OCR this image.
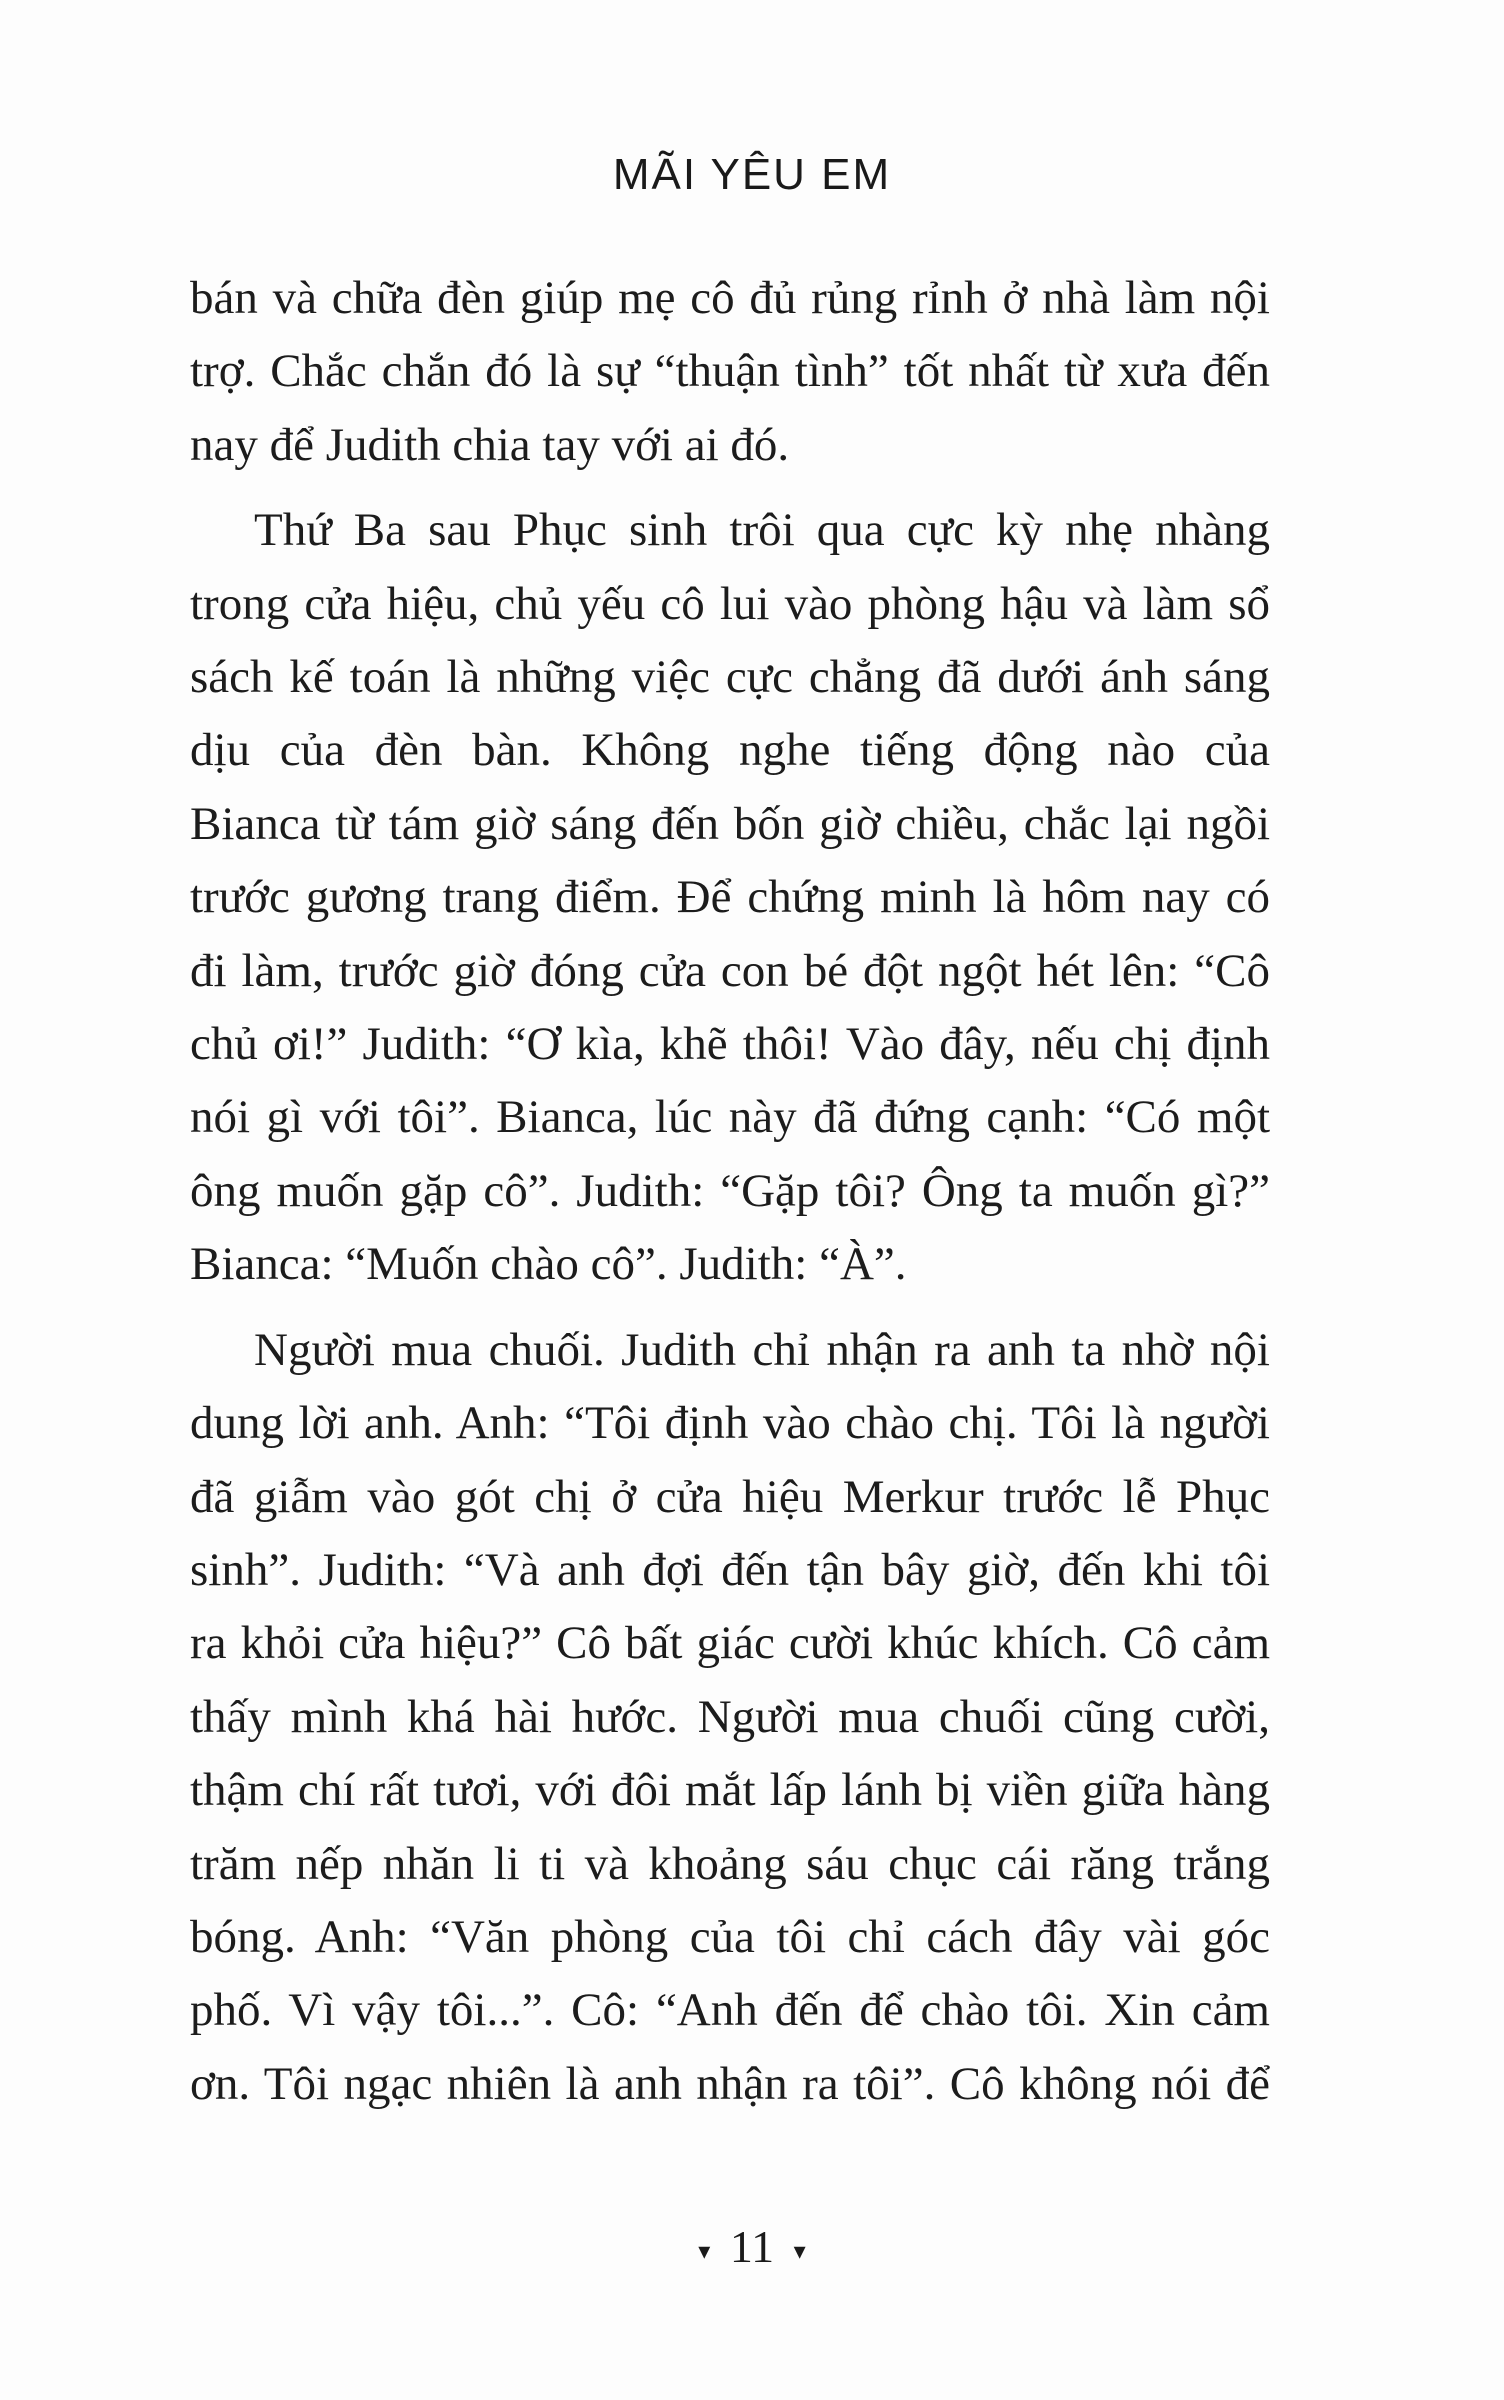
MÃI YÊU EM
bán và chữa đèn giúp mẹ cô đủ rủng rỉnh ở nhà làm nội
trợ. Chắc chắn đó là sự “thuận tình” tốt nhất từ xưa đến
nay để Judith chia tay với ai đó.
Thứ Ba sau Phục sinh trôi qua cực kỳ nhẹ nhàng
trong cửa hiệu, chủ yếu cô lui vào phòng hậu và làm sổ
sách kế toán là những việc cực chẳng đã dưới ánh sáng
dịu của đèn bàn. Không nghe tiếng động nào của
Bianca từ tám giờ sáng đến bốn giờ chiều, chắc lại ngồi
trước gương trang điểm. Để chứng minh là hôm nay có
đi làm, trước giờ đóng cửa con bé đột ngột hét lên: “Cô
chủ ơi!” Judith: “Ơ kìa, khẽ thôi! Vào đây, nếu chị định
nói gì với tôi”. Bianca, lúc này đã đứng cạnh: “Có một
ông muốn gặp cô”. Judith: “Gặp tôi? Ông ta muốn gì?”
Bianca: “Muốn chào cô”. Judith: “À”.
Người mua chuối. Judith chỉ nhận ra anh ta nhờ nội
dung lời anh. Anh: “Tôi định vào chào chị. Tôi là người
đã giẫm vào gót chị ở cửa hiệu Merkur trước lễ Phục
sinh”. Judith: “Và anh đợi đến tận bây giờ, đến khi tôi
ra khỏi cửa hiệu?” Cô bất giác cười khúc khích. Cô cảm
thấy mình khá hài hước. Người mua chuối cũng cười,
thậm chí rất tươi, với đôi mắt lấp lánh bị viền giữa hàng
trăm nếp nhăn li ti và khoảng sáu chục cái răng trắng
bóng. Anh: “Văn phòng của tôi chỉ cách đây vài góc
phố. Vì vậy tôi...”. Cô: “Anh đến để chào tôi. Xin cảm
ơn. Tôi ngạc nhiên là anh nhận ra tôi”. Cô không nói để
▾ 11 ▾
